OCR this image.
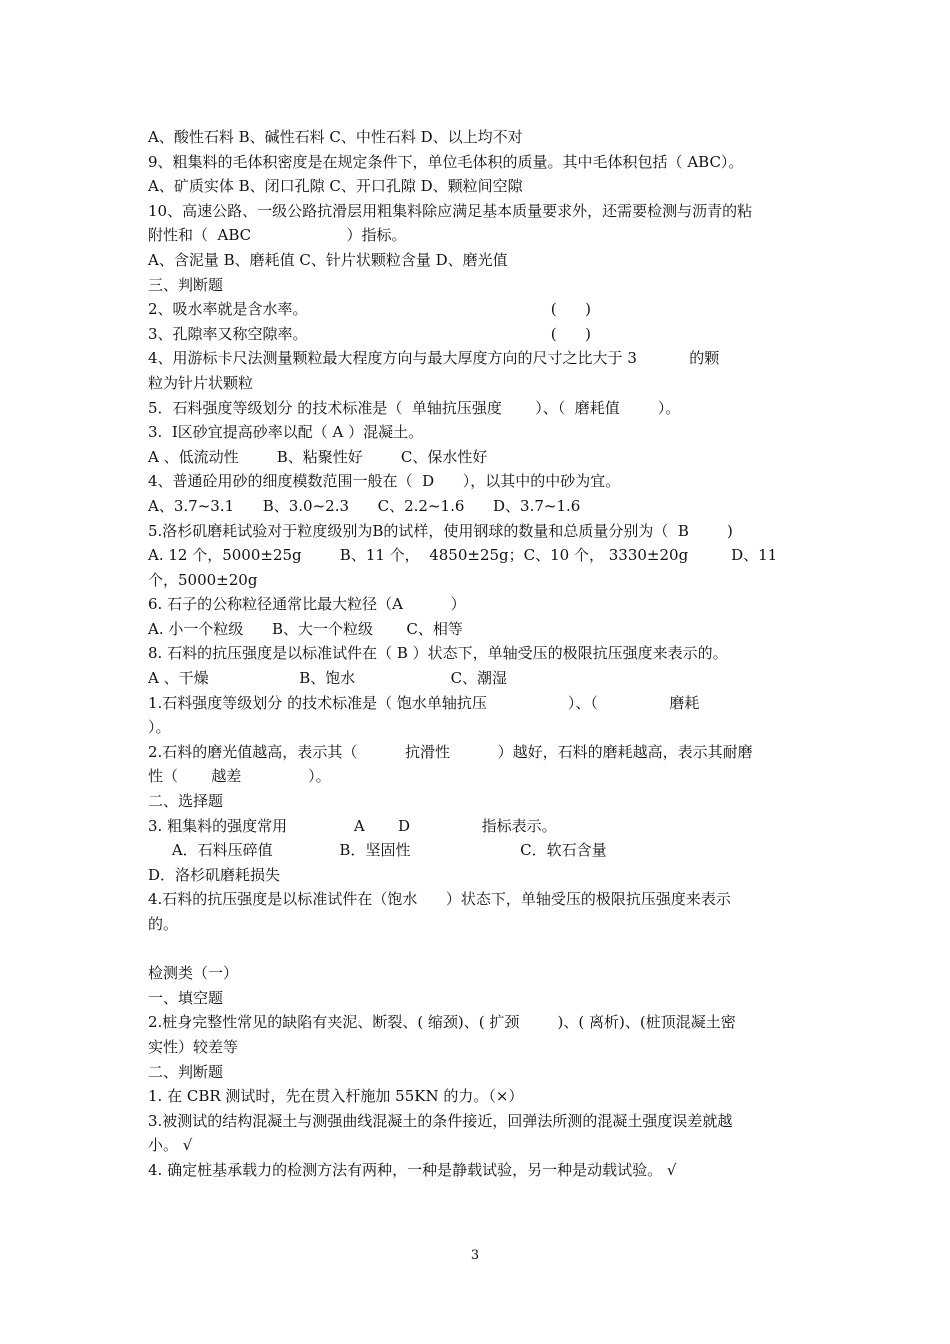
A、酸性石料 B、碱性石料 C、中性石料 D、以上均不对
9、粗集料的毛体积密度是在规定条件下，单位毛体积的质量。其中毛体积包括（ ABC）。
A、矿质实体 B、闭口孔隙 C、开口孔隙 D、颗粒间空隙
10、高速公路、一级公路抗滑层用粗集料除应满足基本质量要求外，还需要检测与沥青的粘
附性和（  ABC                    ）指标。
A、含泥量 B、磨耗值 C、针片状颗粒含量 D、磨光值
三、判断题
2、吸水率就是含水率。                                                   (      )
3、孔隙率又称空隙率。                                                   (      )
4、用游标卡尺法测量颗粒最大程度方向与最大厚度方向的尺寸之比大于 3           的颗
粒为针片状颗粒
5．石料强度等级划分 的技术标准是（  单轴抗压强度       ）、（  磨耗值        ）。
3.  Ⅰ区砂宜提高砂率以配（ A ）混凝土。
A 、低流动性        B、粘聚性好        C、保水性好
4、普通砼用砂的细度模数范围一般在（  D      ），以其中的中砂为宜。
A、3.7~3.1      B、3.0~2.3      C、2.2~1.6      D、3.7~1.6
5.洛杉矶磨耗试验对于粒度级别为B的试样，使用钢球的数量和总质量分别为（  B        )
A. 12 个，5000±25g        B、11 个，  4850±25g；C、10 个， 3330±20g         D、11
个，5000±20g
6. 石子的公称粒径通常比最大粒径（A          ）
A. 小一个粒级      B、大一个粒级       C、相等
8. 石料的抗压强度是以标准试件在（ B ）状态下，单轴受压的极限抗压强度来表示的。
A 、干燥                   B、饱水                    C、潮湿
1.石料强度等级划分 的技术标准是（ 饱水单轴抗压                 ）、（               磨耗
）。
2.石料的磨光值越高，表示其（          抗滑性          ）越好，石料的磨耗越高，表示其耐磨
性（       越差              ）。
二、选择题
3. 粗集料的强度常用              A       D               指标表示。
A．石料压碎值              B．坚固性                       C．软石含量
D．洛杉矶磨耗损失
4.石料的抗压强度是以标准试件在（饱水      ）状态下，单轴受压的极限抗压强度来表示
的。
检测类（一）
一、填空题
2.桩身完整性常见的缺陷有夹泥、断裂、( 缩颈)、( 扩颈        )、( 离析)、(桩顶混凝土密
实性）较差等
二、判断题
1. 在 CBR 测试时，先在贯入杆施加 55KN 的力。（×）
3.被测试的结构混凝土与测强曲线混凝土的条件接近，回弹法所测的混凝土强度误差就越
小。 √
4. 确定桩基承载力的检测方法有两种，一种是静载试验，另一种是动载试验。 √
3
